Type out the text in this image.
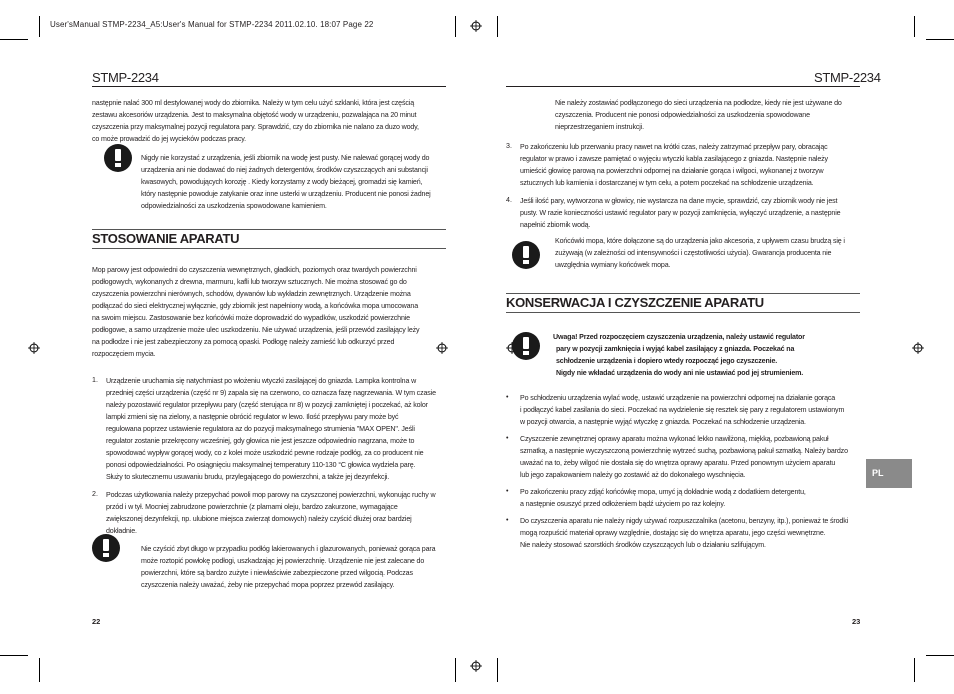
User'sManual STMP-2234_A5:User's Manual for STMP-2234 2011.02.10. 18:07 Page 22
STMP-2234

następnie nalać 300 ml destylowanej wody do zbiornika. Należy w tym celu użyć szklanki, która jest częścią

zestawu akcesoriów urządzenia. Jest to maksymalna objętość wody w urządzeniu, pozwalająca na 20 minut

czyszczenia przy maksymalnej pozycji regulatora pary. Sprawdzić, czy do zbiornika nie nalano za duzo wody,

co może prowadzić do jej wycieków podczas pracy.

Nigdy nie korzystać z urządzenia, jeśli zbiornik na wodę jest pusty. Nie nalewać gorącej wody do

urządzenia ani nie dodawać do niej żadnych detergentów, środków czyszczących ani substancji

kwasowych, powodujących korozję . Kiedy korzystamy z wody bieżącej, gromadzi się kamień,

który następnie powoduje zatykanie oraz inne usterki w urządzeniu. Producent nie ponosi żadnej

odpowiedzialności za uszkodzenia spowodowane kamieniem.

STOSOWANIE APARATU

Mop parowy jest odpowiedni do czyszczenia wewnętrznych, gładkich, poziomych oraz twardych powierzchni

podłogowych, wykonanych z drewna, marmuru, kafli lub tworzyw sztucznych. Nie można stosować go do

czyszczenia powierzchni nierównych, schodów, dywanów lub wykładzin zewnętrznych. Urządzenie można

podłączać do sieci elektrycznej wyłącznie, gdy zbiornik jest napełniony wodą, a końcówka mopa umocowana

na swoim miejscu. Zastosowanie bez końcówki może doprowadzić do wypadków, uszkodzić powierzchnie

podłogowe, a samo urządzenie może ulec uszkodzeniu. Nie używać urządzenia, jeśli przewód zasilający leży

na podłodze i nie jest zabezpieczony za pomocą opaski. Podłogę należy zamieść lub odkurzyć przed

rozpoczęciem mycia.

1. Urządzenie uruchamia się natychmiast po włożeniu wtyczki zasilającej do gniazda. Lampka kontrolna w

przedniej części urządzenia (część nr 9) zapala się na czerwono, co oznacza fazę nagrzewania. W tym czasie

należy pozostawić regulator przepływu pary (część sterująca nr 8) w pozycji zamkniętej i poczekać, aż kolor

lampki zmieni się na zielony, a następnie obrócić regulator w lewo. Ilość przepływu pary może być

regulowana poprzez ustawienie regulatora az do pozycji maksymalnego strumienia "MAX OPEN". Jeśli

regulator zostanie przekręcony wcześniej, gdy głowica nie jest jeszcze odpowiednio nagrzana, może to

spowodować wypływ gorącej wody, co z kolei może uszkodzić pewne rodzaje podłóg, za co producent nie

ponosi odpowiedzialności. Po osiągnięciu maksymalnej temperatury 110-130 °C głowica wydziela parę.

Służy to skutecznemu usuwaniu brudu, przylegającego do powierzchni, a także jej dezynfekcji.

2. Podczas użytkowania należy przepychać powoli mop parowy na czyszczonej powierzchni, wykonując ruchy w

przód i w tył. Mocniej zabrudzone powierzchnie (z plamami oleju, bardzo zakurzone, wymagające

zwiększonej dezynfekcji, np. ulubione miejsca zwierząt domowych) należy czyścić dłużej oraz bardziej

dokładnie.

Nie czyścić zbyt długo w przypadku podłóg lakierowanych i glazurowanych, ponieważ gorąca para

może roztopić powłokę podłogi, uszkadzając jej powierzchnię. Urządzenie nie jest zalecane do

powierzchni, które są bardzo zużyte i niewłaściwie zabezpieczone przed wilgocią. Podczas

czyszczenia należy uważać, żeby nie przepychać mopa poprzez przewód zasilający.

22
STMP-2234

Nie należy zostawiać podłączonego do sieci urządzenia na podłodze, kiedy nie jest używane do

czyszczenia. Producent nie ponosi odpowiedzialności za uszkodzenia spowodowane

nieprzestrzeganiem instrukcji.

3. Po zakończeniu lub przerwaniu pracy nawet na krótki czas, należy zatrzymać przepływ pary, obracając

regulator w prawo i zawsze pamiętać o wyjęciu wtyczki kabla zasilającego z gniazda. Następnie należy

umieścić głowicę parową na powierzchni odpornej na działanie gorąca i wilgoci, wykonanej z tworzyw

sztucznych lub kamienia i dostarczanej w tym celu, a potem poczekać na schłodzenie urządzenia.

4. Jeśli ilość pary, wytworzona w głowicy, nie wystarcza na dane mycie, sprawdzić, czy zbiornik wody nie jest

pusty. W razie konieczności ustawić regulator pary w pozycji zamknięcia, wyłączyć urządzenie, a następnie

napełnić zbiornik wodą.

Końcówki mopa, które dołączone są do urządzenia jako akcesoria, z upływem czasu brudzą się i

zużywają (w zależności od intensywności i częstotliwości użycia). Gwarancja producenta nie

uwzględnia wymiany końcówek mopa.

KONSERWACJA I CZYSZCZENIE APARATU

Uwaga! Przed rozpoczęciem czyszczenia urządzenia, należy ustawić regulator

pary w pozycji zamknięcia i wyjąć kabel zasilający z gniazda. Poczekać na

schłodzenie urządzenia i dopiero wtedy rozpocząć jego czyszczenie.

Nigdy nie wkładać urządzenia do wody ani nie ustawiać pod jej strumieniem.

• Po schłodzeniu urządzenia wylać wodę, ustawić urządzenie na powierzchni odpornej na działanie gorąca

i podłączyć kabel zasilania do sieci. Poczekać na wydzielenie się resztek się pary z regulatorem ustawionym

w pozycji otwarcia, a następnie wyjąć wtyczkę z gniazda. Poczekać na schłodzenie urządzenia.

• Czyszczenie zewnętrznej oprawy aparatu można wykonać lekko nawilżoną, miękką, pozbawioną pakuł

szmatką, a następnie wyczyszczoną powierzchnię wytrzeć suchą, pozbawioną pakuł szmatką. Należy bardzo

uważać na to, żeby wilgoć nie dostała się do wnętrza oprawy aparatu. Przed ponownym użyciem aparatu

lub jego zapakowaniem należy go zostawić aż do dokonałego wyschnięcia.

• Po zakończeniu pracy zdjąć końcówkę mopa, umyć ją dokładnie wodą z dodatkiem detergentu,

a następnie osuszyć przed odłożeniem bądź użyciem po raz kolejny.

• Do czyszczenia aparatu nie należy nigdy używać rozpuszczalnika (acetonu, benzyny, itp.), ponieważ te środki

mogą rozpuścić materiał oprawy względnie, dostając się do wnętrza aparatu, jego części wewnętrzne.

Nie należy stosować szorstkich środków czyszczących lub o działaniu szlifującym.

PL
23
